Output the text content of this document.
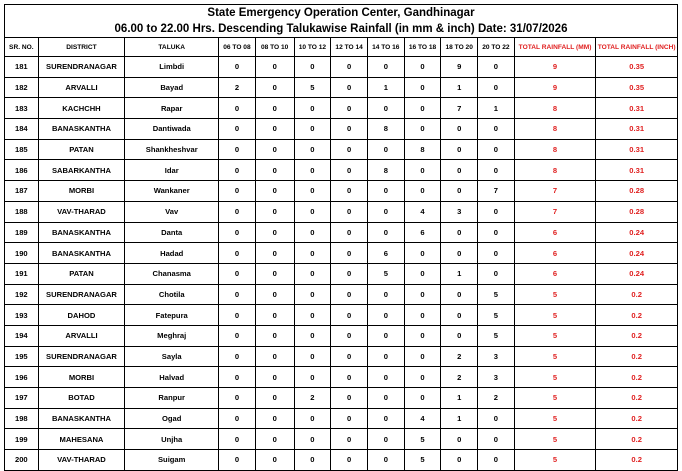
State Emergency Operation Center, Gandhinagar
06.00 to 22.00 Hrs. Descending Talukawise Rainfall (in mm & inch) Date: 31/07/2026
SR. NO.	DISTRICT	TALUKA	06 TO 08	08 TO 10	10 TO 12	12 TO 14	14 TO 16	16 TO 18	18 TO 20	20 TO 22	TOTAL RAINFALL (MM)	TOTAL RAINFALL (INCH)
181	SURENDRANAGAR	Limbdi	0	0	0	0	0	0	9	0	9	0.35
182	ARVALLI	Bayad	2	0	5	0	1	0	1	0	9	0.35
183	KACHCHH	Rapar	0	0	0	0	0	0	7	1	8	0.31
184	BANASKANTHA	Dantiwada	0	0	0	0	8	0	0	0	8	0.31
185	PATAN	Shankheshvar	0	0	0	0	0	8	0	0	8	0.31
186	SABARKANTHA	Idar	0	0	0	0	8	0	0	0	8	0.31
187	MORBI	Wankaner	0	0	0	0	0	0	0	7	7	0.28
188	VAV-THARAD	Vav	0	0	0	0	0	4	3	0	7	0.28
189	BANASKANTHA	Danta	0	0	0	0	0	6	0	0	6	0.24
190	BANASKANTHA	Hadad	0	0	0	0	6	0	0	0	6	0.24
191	PATAN	Chanasma	0	0	0	0	5	0	1	0	6	0.24
192	SURENDRANAGAR	Chotila	0	0	0	0	0	0	0	5	5	0.2
193	DAHOD	Fatepura	0	0	0	0	0	0	0	5	5	0.2
194	ARVALLI	Meghraj	0	0	0	0	0	0	0	5	5	0.2
195	SURENDRANAGAR	Sayla	0	0	0	0	0	0	2	3	5	0.2
196	MORBI	Halvad	0	0	0	0	0	0	2	3	5	0.2
197	BOTAD	Ranpur	0	0	2	0	0	0	1	2	5	0.2
198	BANASKANTHA	Ogad	0	0	0	0	0	4	1	0	5	0.2
199	MAHESANA	Unjha	0	0	0	0	0	5	0	0	5	0.2
200	VAV-THARAD	Suigam	0	0	0	0	0	5	0	0	5	0.2
